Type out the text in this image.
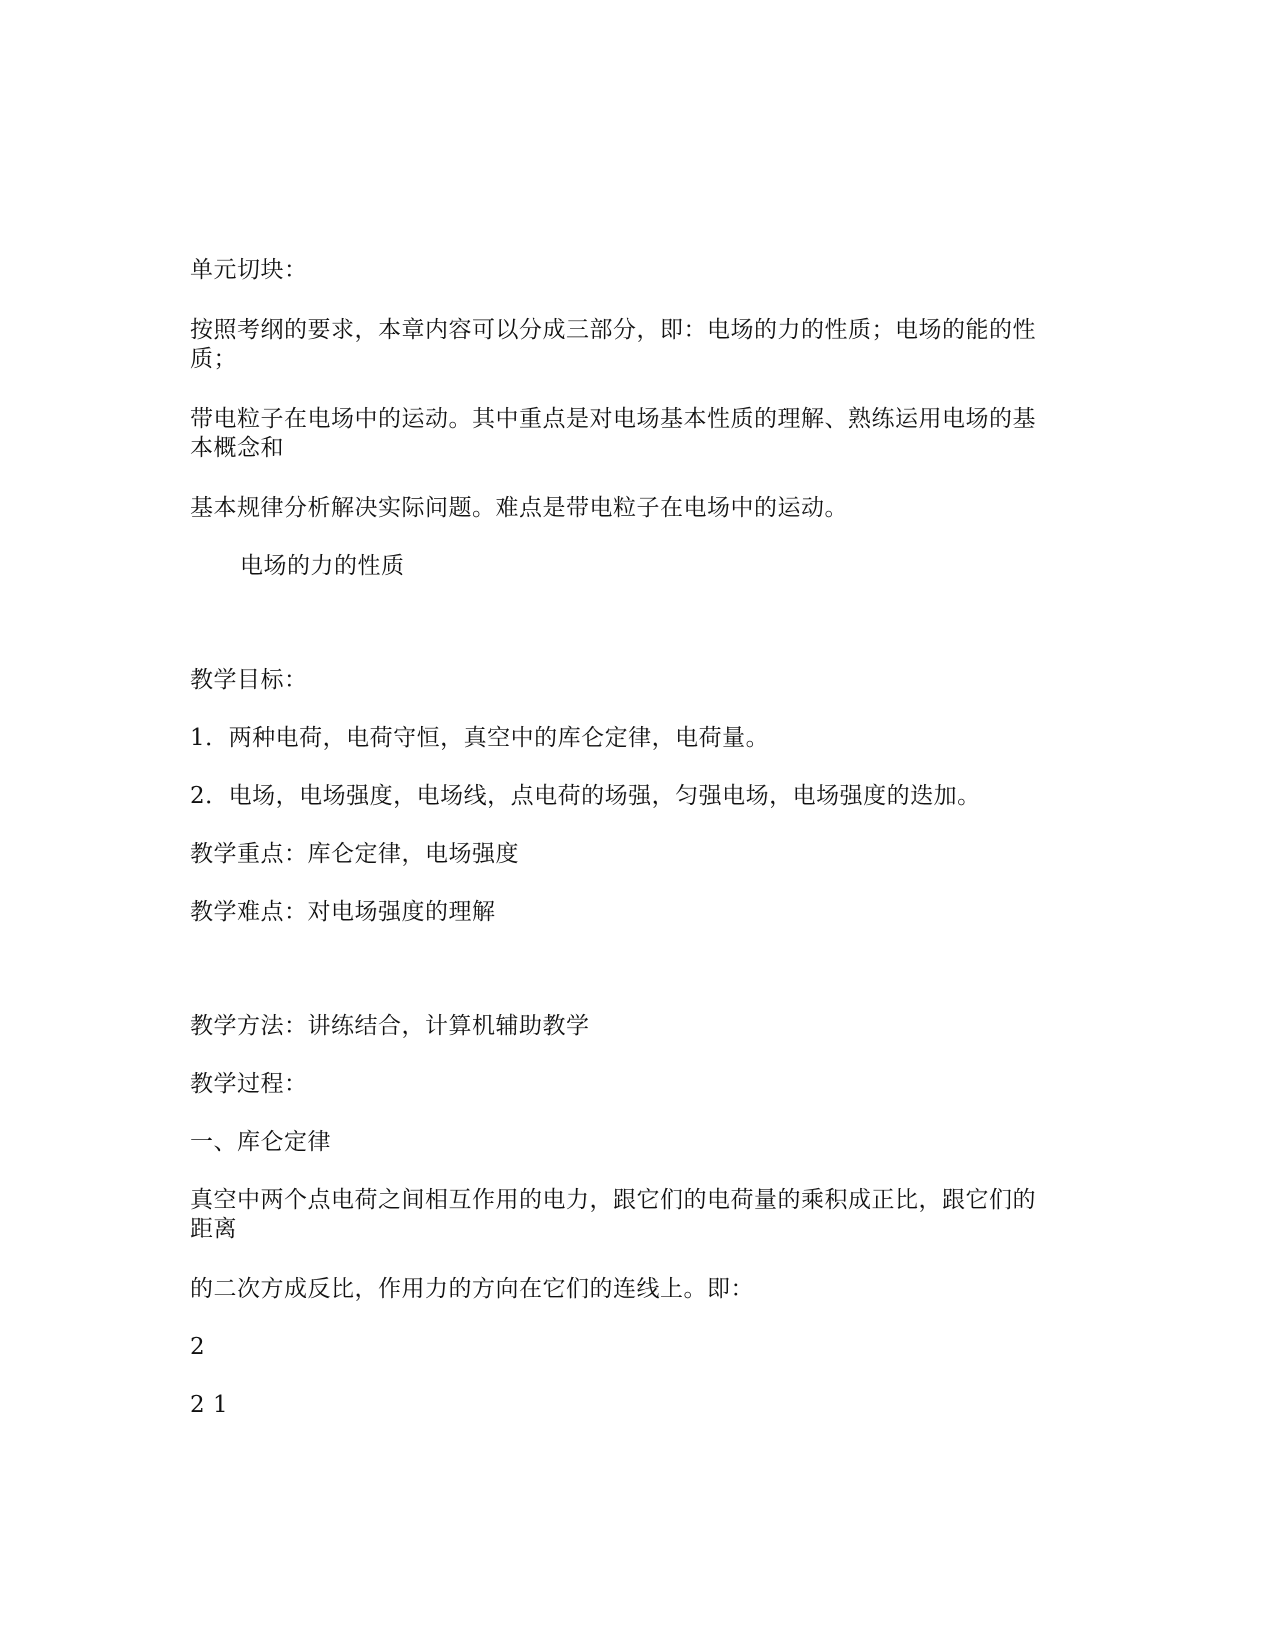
单元切块：
按照考纲的要求，本章内容可以分成三部分，即：电场的力的性质；电场的能的性
质；
带电粒子在电场中的运动。其中重点是对电场基本性质的理解、熟练运用电场的基
本概念和
基本规律分析解决实际问题。难点是带电粒子在电场中的运动。
电场的力的性质
教学目标：
1．两种电荷，电荷守恒，真空中的库仑定律，电荷量。
2．电场，电场强度，电场线，点电荷的场强，匀强电场，电场强度的迭加。
教学重点：库仑定律，电场强度
教学难点：对电场强度的理解
教学方法：讲练结合，计算机辅助教学
教学过程：
一、库仑定律
真空中两个点电荷之间相互作用的电力，跟它们的电荷量的乘积成正比，跟它们的
距离
的二次方成反比，作用力的方向在它们的连线上。即：
2
2 1
